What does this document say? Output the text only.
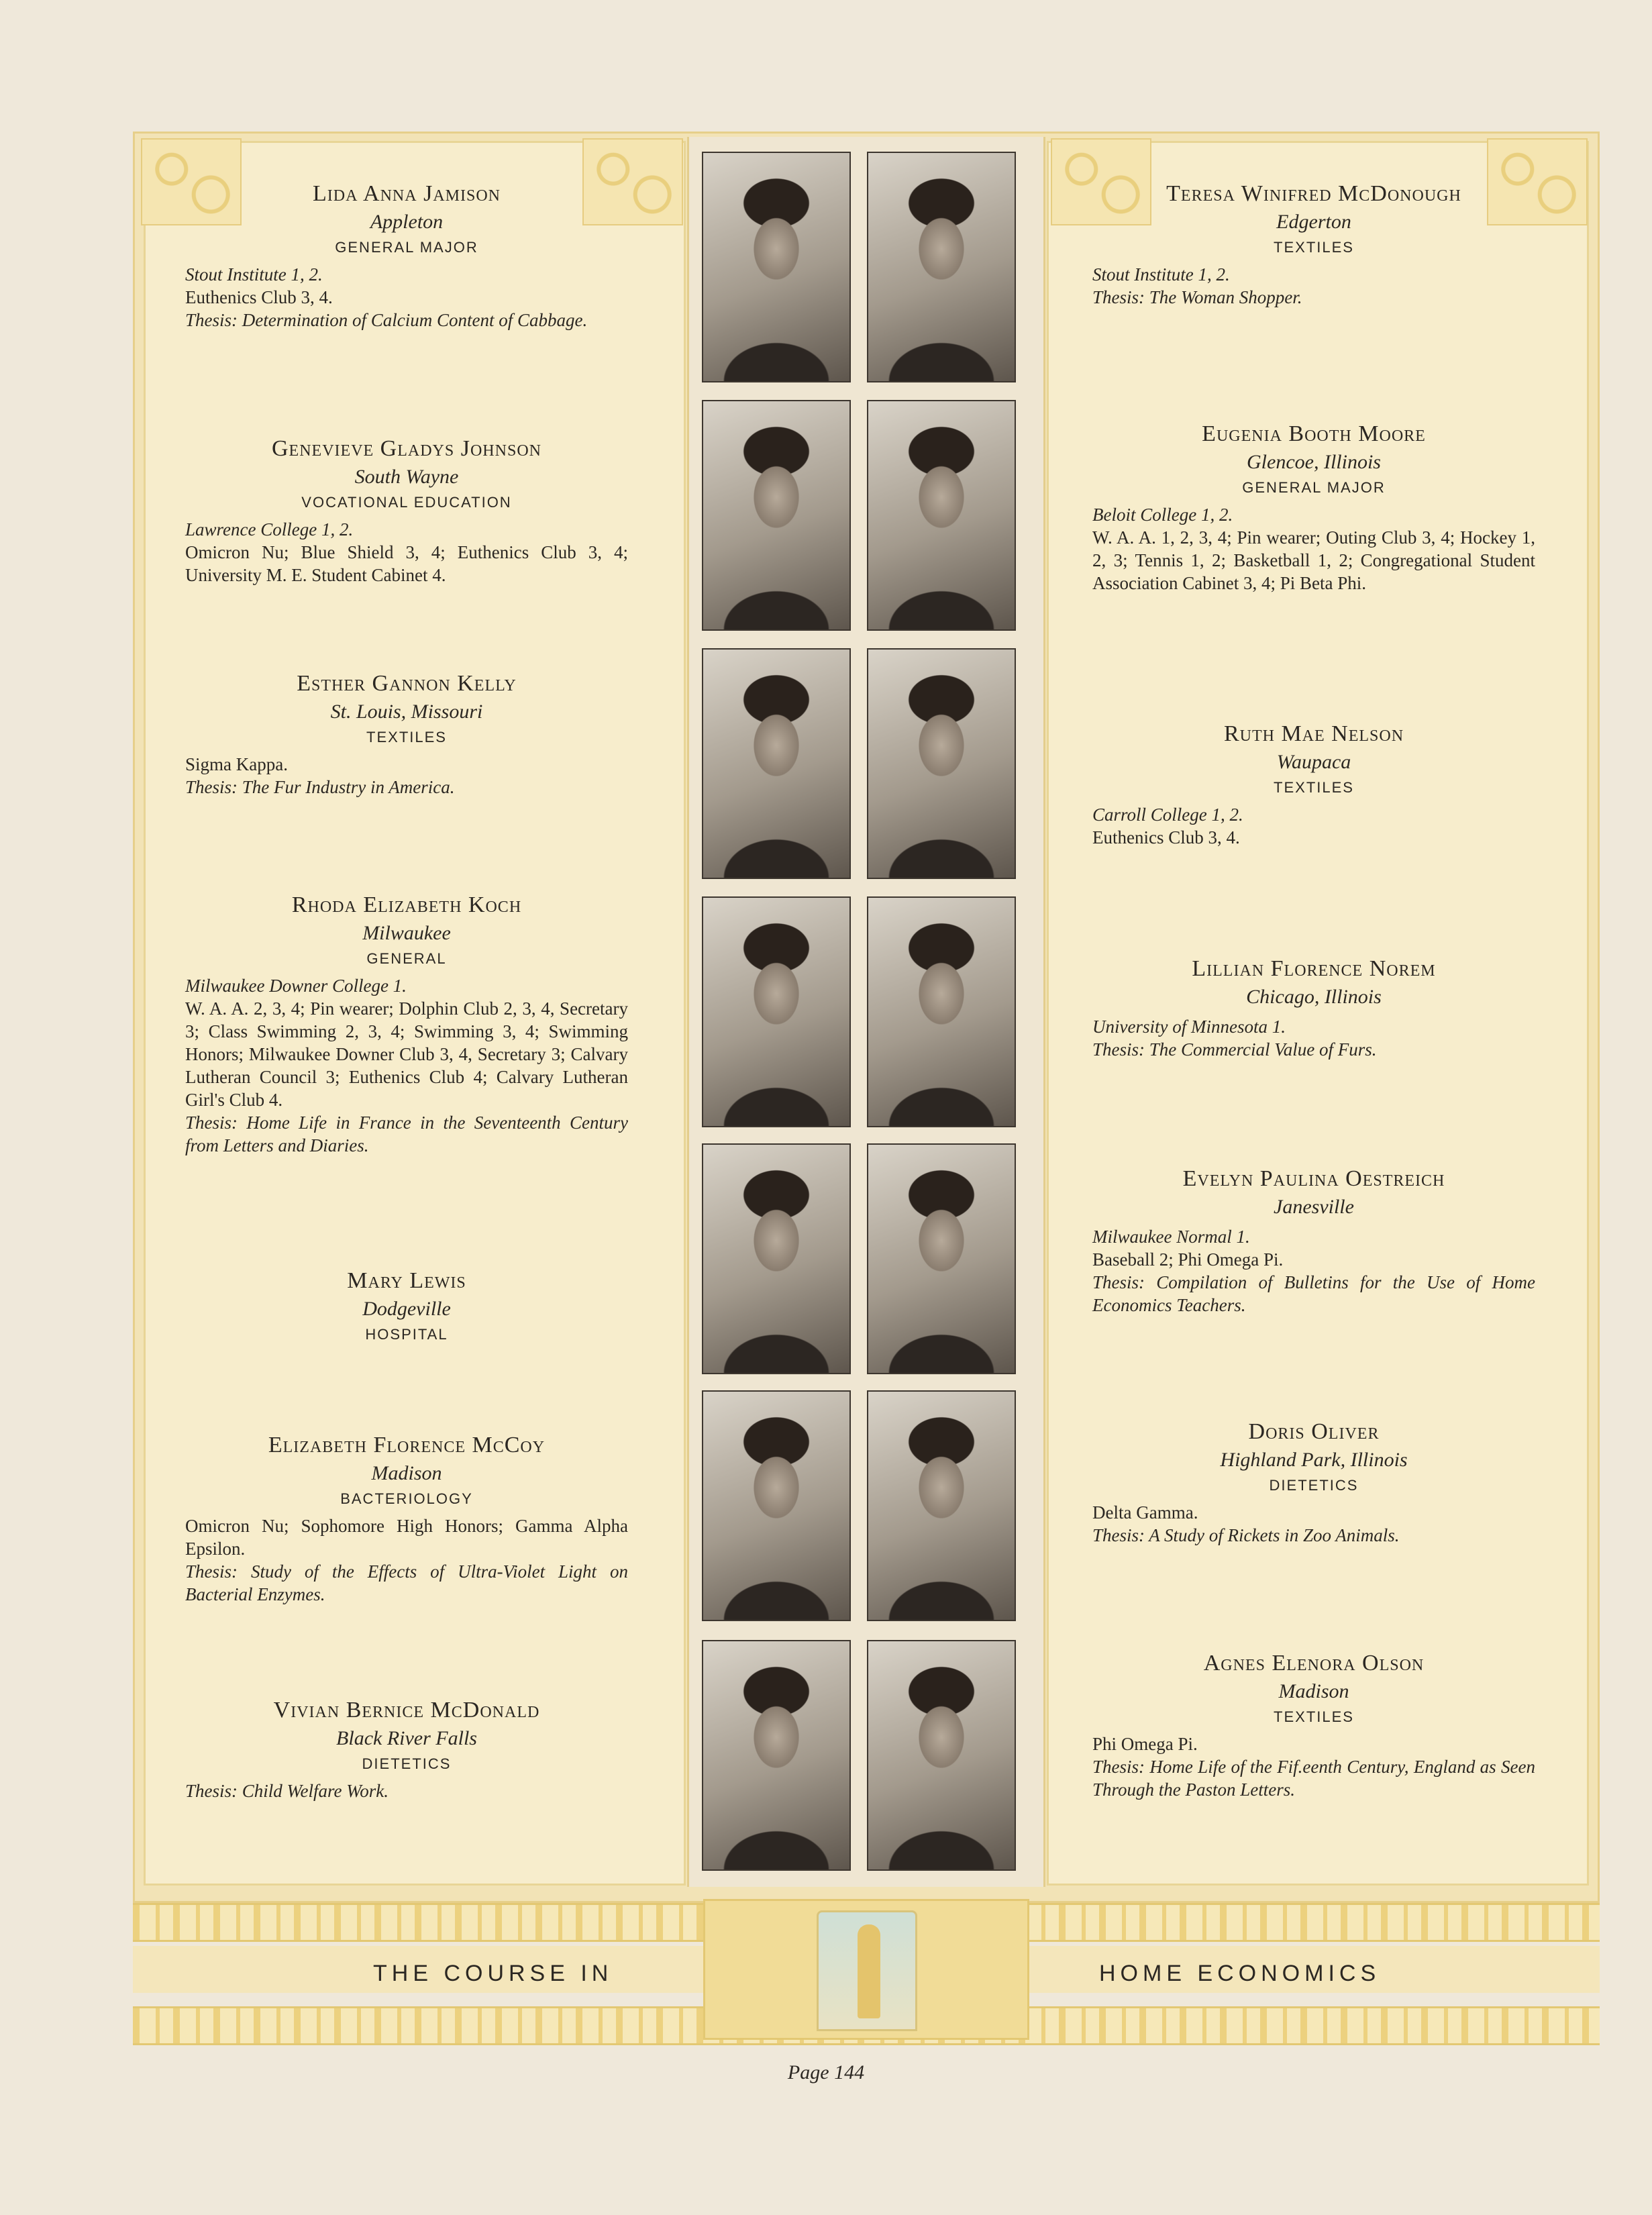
Lida Anna Jamison
Appleton
GENERAL MAJOR
Stout Institute 1, 2.
Euthenics Club 3, 4.
Thesis: Determination of Calcium Content of Cabbage.
Genevieve Gladys Johnson
South Wayne
VOCATIONAL EDUCATION
Lawrence College 1, 2.
Omicron Nu; Blue Shield 3, 4; Euthenics Club 3, 4; University M. E. Student Cabinet 4.
Esther Gannon Kelly
St. Louis, Missouri
TEXTILES
Sigma Kappa.
Thesis: The Fur Industry in America.
Rhoda Elizabeth Koch
Milwaukee
GENERAL
Milwaukee Downer College 1.
W. A. A. 2, 3, 4; Pin wearer; Dolphin Club 2, 3, 4, Secretary 3; Class Swimming 2, 3, 4; Swimming 3, 4; Swimming Honors; Milwaukee Downer Club 3, 4, Secretary 3; Calvary Lutheran Council 3; Euthenics Club 4; Calvary Lutheran Girl's Club 4.
Thesis: Home Life in France in the Seventeenth Century from Letters and Diaries.
Mary Lewis
Dodgeville
HOSPITAL
Elizabeth Florence McCoy
Madison
BACTERIOLOGY
Omicron Nu; Sophomore High Honors; Gamma Alpha Epsilon.
Thesis: Study of the Effects of Ultra-Violet Light on Bacterial Enzymes.
Vivian Bernice McDonald
Black River Falls
DIETETICS
Thesis: Child Welfare Work.
Teresa Winifred McDonough
Edgerton
TEXTILES
Stout Institute 1, 2.
Thesis: The Woman Shopper.
Eugenia Booth Moore
Glencoe, Illinois
GENERAL MAJOR
Beloit College 1, 2.
W. A. A. 1, 2, 3, 4; Pin wearer; Outing Club 3, 4; Hockey 1, 2, 3; Tennis 1, 2; Basketball 1, 2; Congregational Student Association Cabinet 3, 4; Pi Beta Phi.
Ruth Mae Nelson
Waupaca
TEXTILES
Carroll College 1, 2.
Euthenics Club 3, 4.
Lillian Florence Norem
Chicago, Illinois
University of Minnesota 1.
Thesis: The Commercial Value of Furs.
Evelyn Paulina Oestreich
Janesville
Milwaukee Normal 1.
Baseball 2; Phi Omega Pi.
Thesis: Compilation of Bulletins for the Use of Home Economics Teachers.
Doris Oliver
Highland Park, Illinois
DIETETICS
Delta Gamma.
Thesis: A Study of Rickets in Zoo Animals.
Agnes Elenora Olson
Madison
TEXTILES
Phi Omega Pi.
Thesis: Home Life of the Fif.eenth Century, England as Seen Through the Paston Letters.
THE COURSE IN	HOME ECONOMICS
Page 144
